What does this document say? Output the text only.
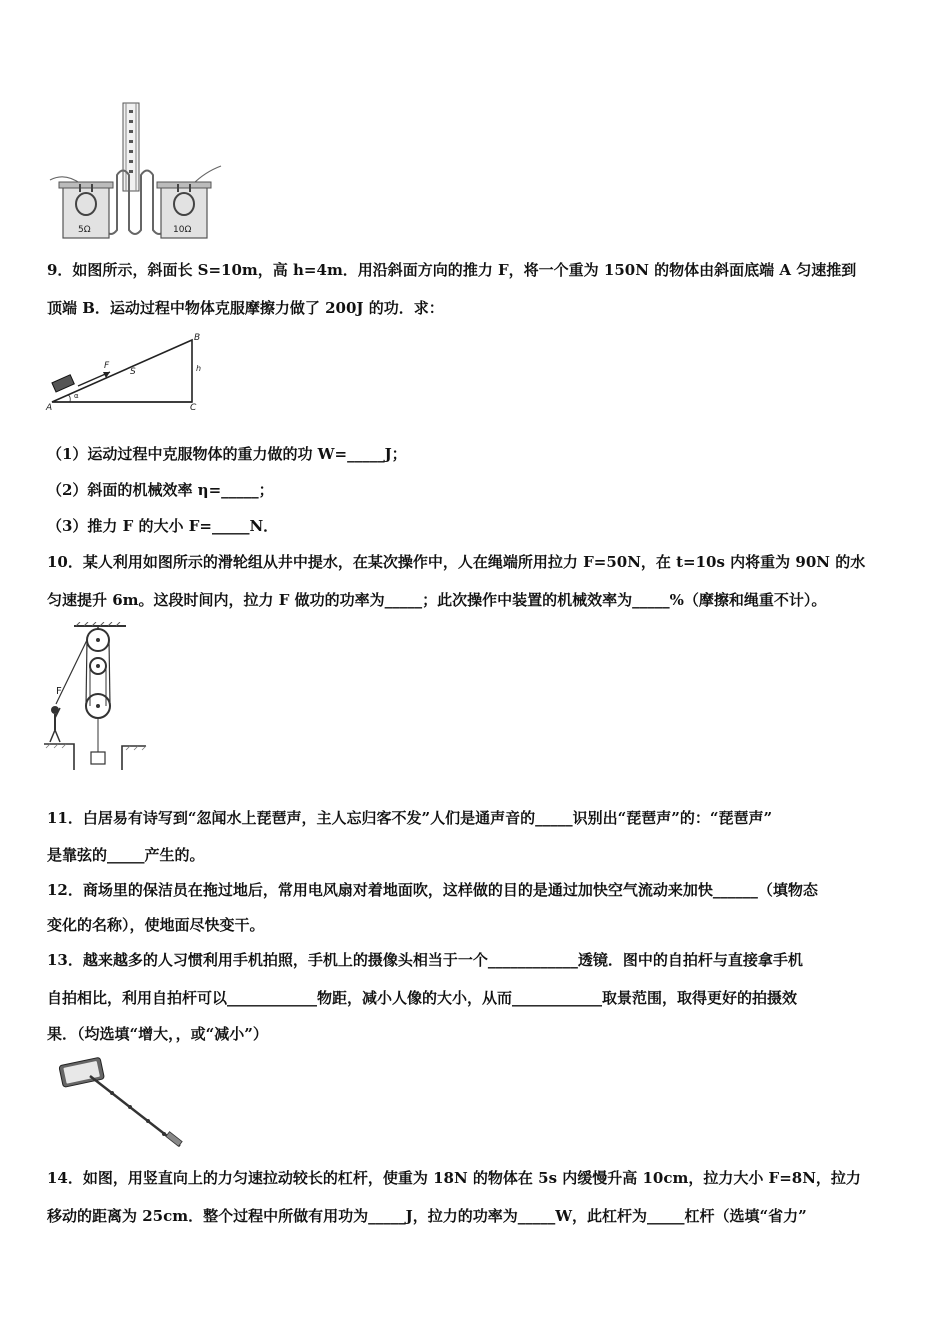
5Ω	10Ω
9．如图所示，斜面长 S=10m，高 h=4m．用沿斜面方向的推力 F，将一个重为 150N 的物体由斜面底端 A 匀速推到
顶端 B．运动过程中物体克服摩擦力做了 200J 的功．求：
F
S	h
B
A	C
α
（1）运动过程中克服物体的重力做的功 W=_____J；
（2）斜面的机械效率 η=_____；
（3）推力 F 的大小 F=_____N．
10．某人利用如图所示的滑轮组从井中提水，在某次操作中，人在绳端所用拉力 F=50N，在 t=10s 内将重为 90N 的水
匀速提升 6m。这段时间内，拉力 F 做功的功率为_____；此次操作中装置的机械效率为_____%（摩擦和绳重不计）。
F
11．白居易有诗写到“忽闻水上琵琶声，主人忘归客不发”人们是通声音的_____识别出“琵琶声”的：“琵琶声”
是靠弦的_____产生的。
12．商场里的保洁员在拖过地后，常用电风扇对着地面吹，这样做的目的是通过加快空气流动来加快______（填物态
变化的名称），使地面尽快变干。
13．越来越多的人习惯利用手机拍照，手机上的摄像头相当于一个____________透镜．图中的自拍杆与直接拿手机
自拍相比，利用自拍杆可以____________物距，减小人像的大小，从而____________取景范围，取得更好的拍摄效
果．（均选填“增大，，或“减小”）
14．如图，用竖直向上的力匀速拉动较长的杠杆，使重为 18N 的物体在 5s 内缓慢升高 10cm，拉力大小 F=8N，拉力
移动的距离为 25cm．整个过程中所做有用功为_____J，拉力的功率为_____W，此杠杆为_____杠杆（选填“省力”
